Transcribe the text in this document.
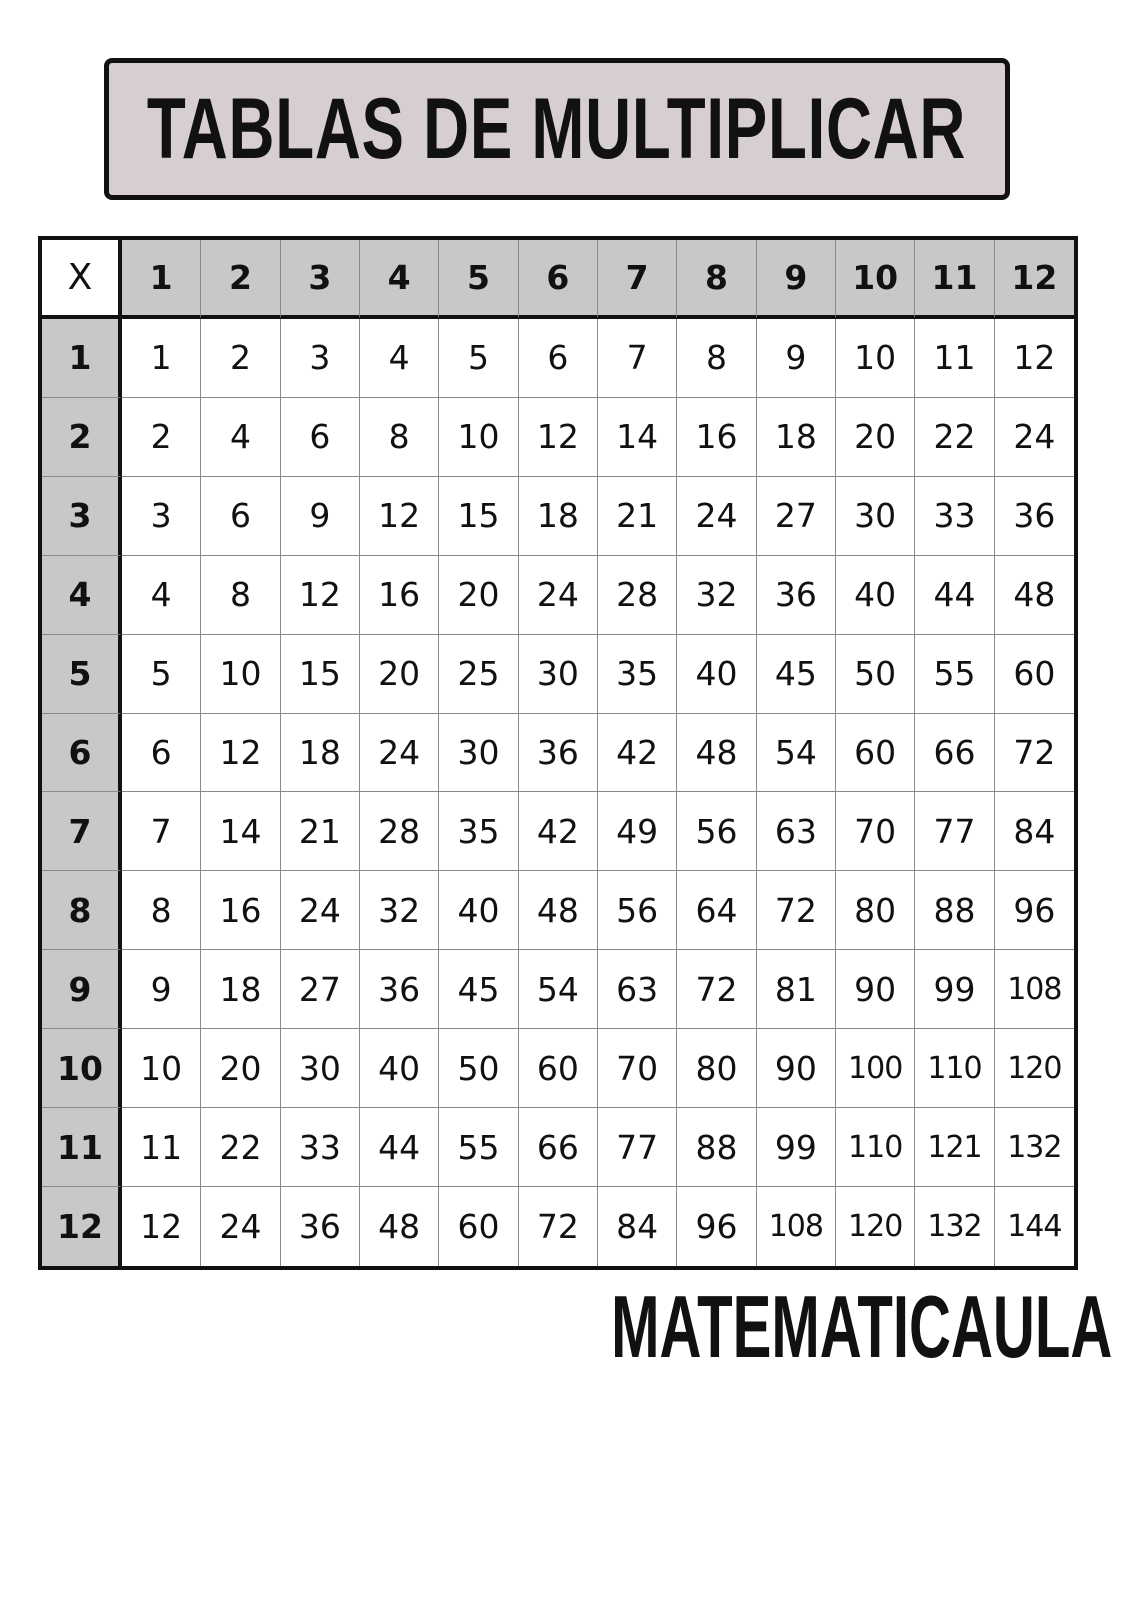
TABLAS DE MULTIPLICAR
X	1	2	3	4	5	6	7	8	9	10	11	12
1	1	2	3	4	5	6	7	8	9	10	11	12
2	2	4	6	8	10	12	14	16	18	20	22	24
3	3	6	9	12	15	18	21	24	27	30	33	36
4	4	8	12	16	20	24	28	32	36	40	44	48
5	5	10	15	20	25	30	35	40	45	50	55	60
6	6	12	18	24	30	36	42	48	54	60	66	72
7	7	14	21	28	35	42	49	56	63	70	77	84
8	8	16	24	32	40	48	56	64	72	80	88	96
9	9	18	27	36	45	54	63	72	81	90	99	108
10	10	20	30	40	50	60	70	80	90	100 110 120
11	11	22	33	44	55	66	77	88	99	110 121 132
12	12	24	36	48	60	72	84	96	108 120 132 144
MATEMATICAULA
